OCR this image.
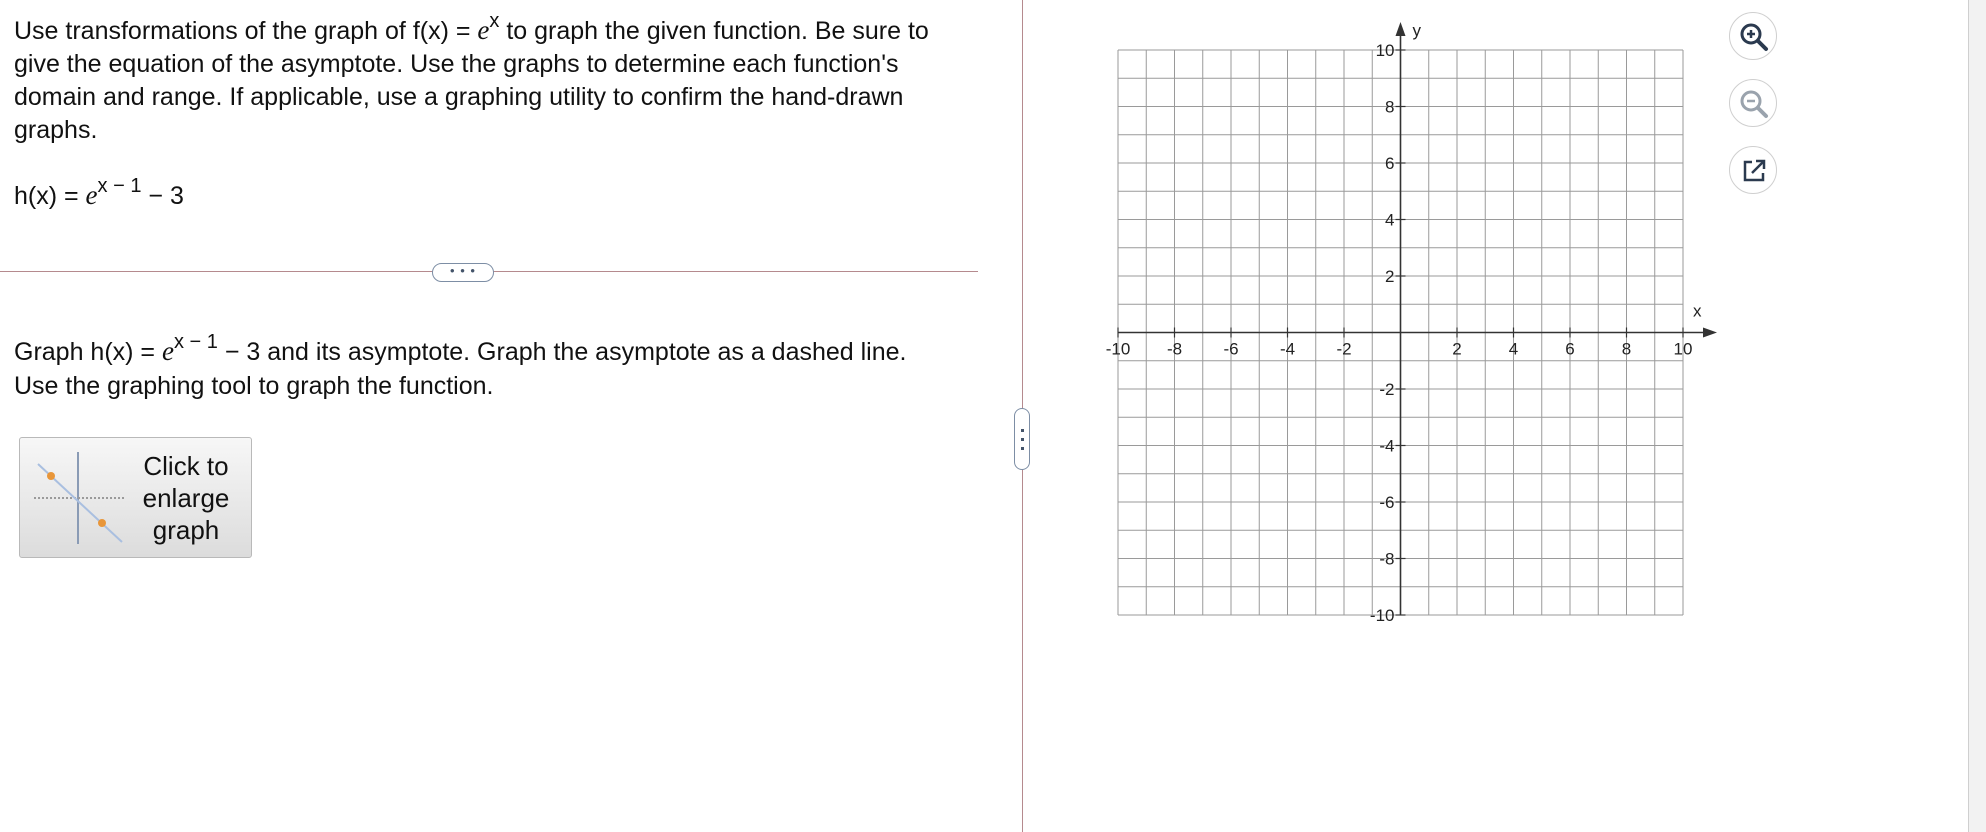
Use transformations of the graph of $f(x) = e^x$ to graph the given function. Be sure to give the equation of the asymptote. Use the graphs to determine each function's domain and range. If applicable, use a graphing utility to confirm the hand-drawn graphs.

$h(x) = e^{x - 1} - 3$
• • •

Graph $h(x) = e^{x - 1} - 3$ and its asymptote. Graph the asymptote as a dashed line.

Use the graphing tool to graph the function.

Click to
enlarge
graph
-10 -8 -6 -4 -2	2	4	6	8 10
10
8
6
4
2
-2
-4
-6
-8
-10
x
y
